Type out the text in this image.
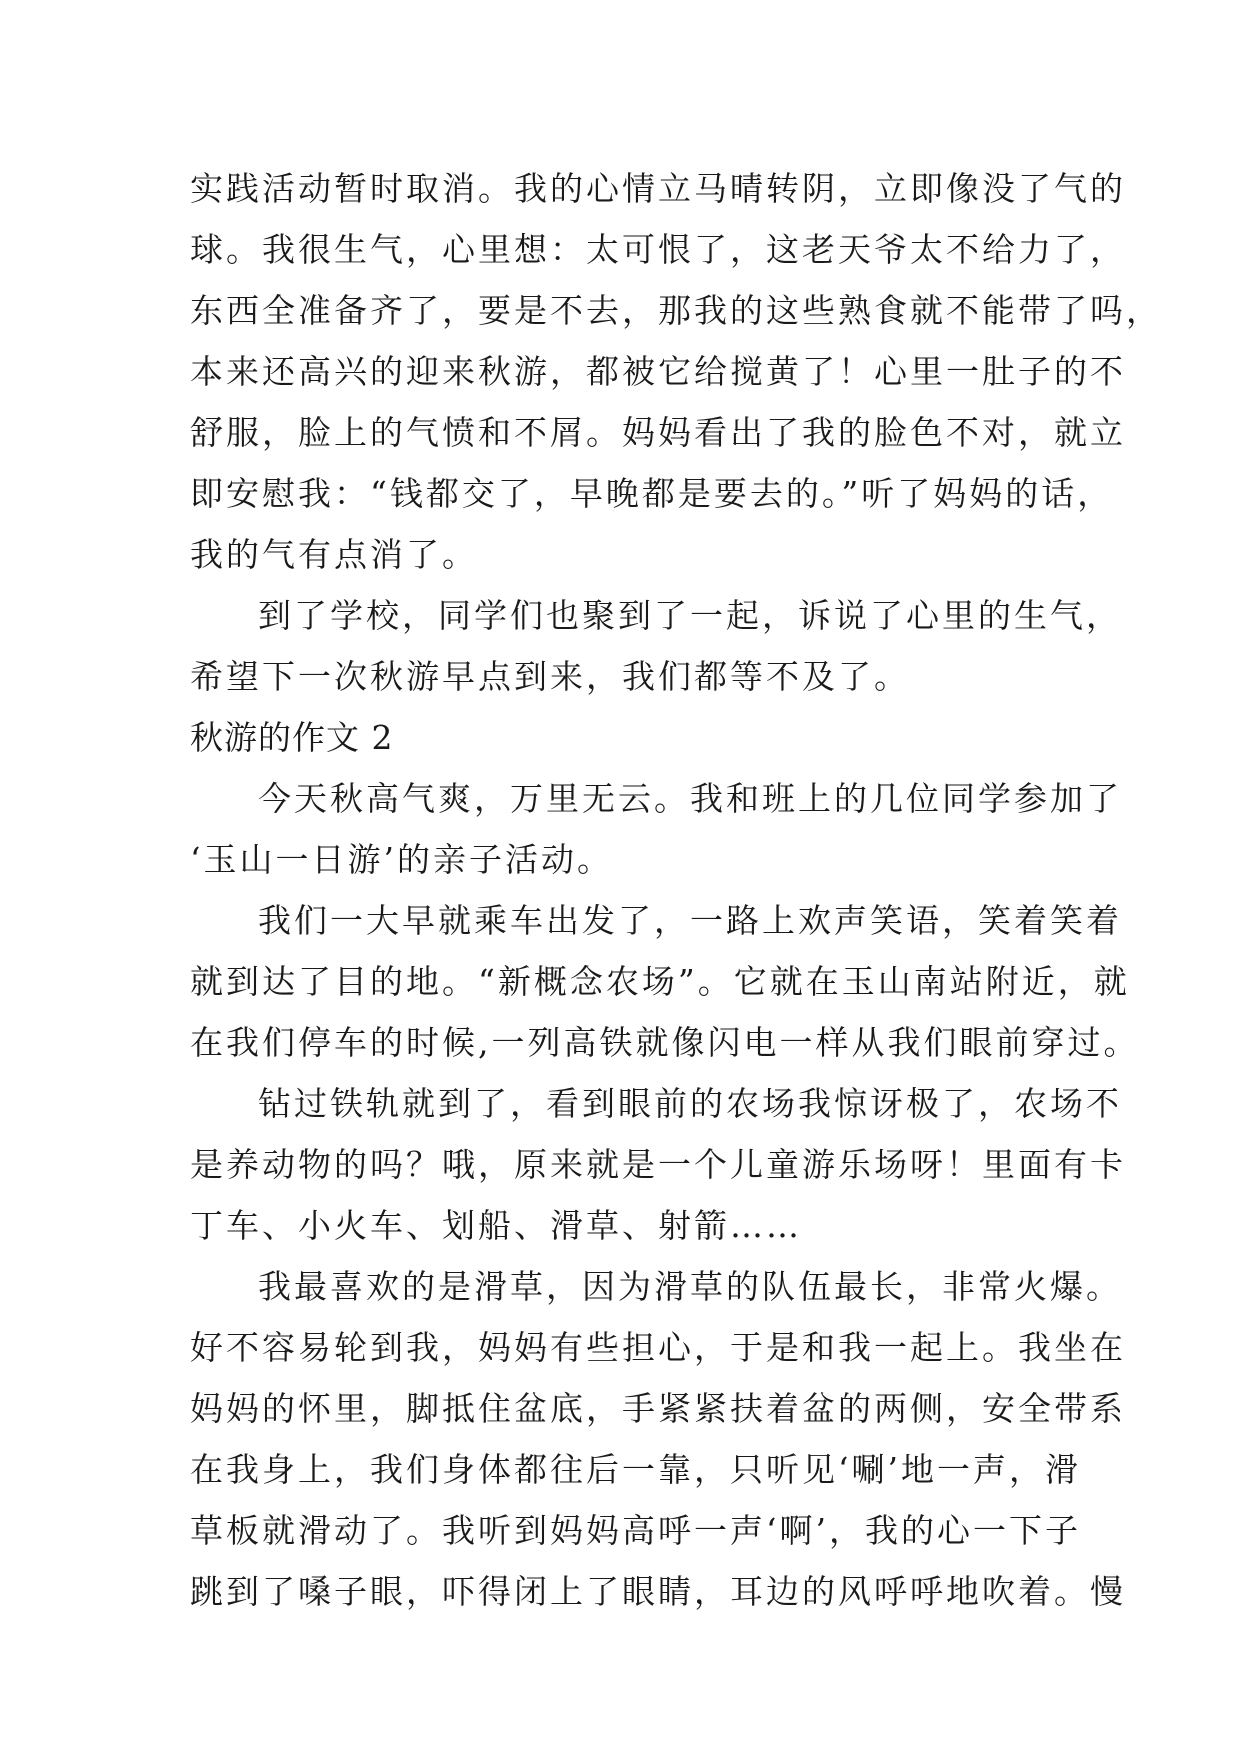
实践活动暂时取消。我的心情立马晴转阴，立即像没了气的
球。我很生气，心里想：太可恨了，这老天爷太不给力了，
东西全准备齐了，要是不去，那我的这些熟食就不能带了吗，
本来还高兴的迎来秋游，都被它给搅黄了！心里一肚子的不
舒服，脸上的气愤和不屑。妈妈看出了我的脸色不对，就立
即安慰我：“钱都交了，早晚都是要去的。”听了妈妈的话，
我的气有点消了。
到了学校，同学们也聚到了一起，诉说了心里的生气，
希望下一次秋游早点到来，我们都等不及了。
秋游的作文 2
今天秋高气爽，万里无云。我和班上的几位同学参加了
‘玉山一日游’的亲子活动。
我们一大早就乘车出发了，一路上欢声笑语，笑着笑着
就到达了目的地。“新概念农场”。它就在玉山南站附近，就
在我们停车的时候,一列高铁就像闪电一样从我们眼前穿过。
钻过铁轨就到了，看到眼前的农场我惊讶极了，农场不
是养动物的吗？哦，原来就是一个儿童游乐场呀！里面有卡
丁车、小火车、划船、滑草、射箭……
我最喜欢的是滑草，因为滑草的队伍最长，非常火爆。
好不容易轮到我，妈妈有些担心，于是和我一起上。我坐在
妈妈的怀里，脚抵住盆底，手紧紧扶着盆的两侧，安全带系
在我身上，我们身体都往后一靠，只听见‘唰’地一声，滑
草板就滑动了。我听到妈妈高呼一声‘啊’，我的心一下子
跳到了嗓子眼，吓得闭上了眼睛，耳边的风呼呼地吹着。慢
